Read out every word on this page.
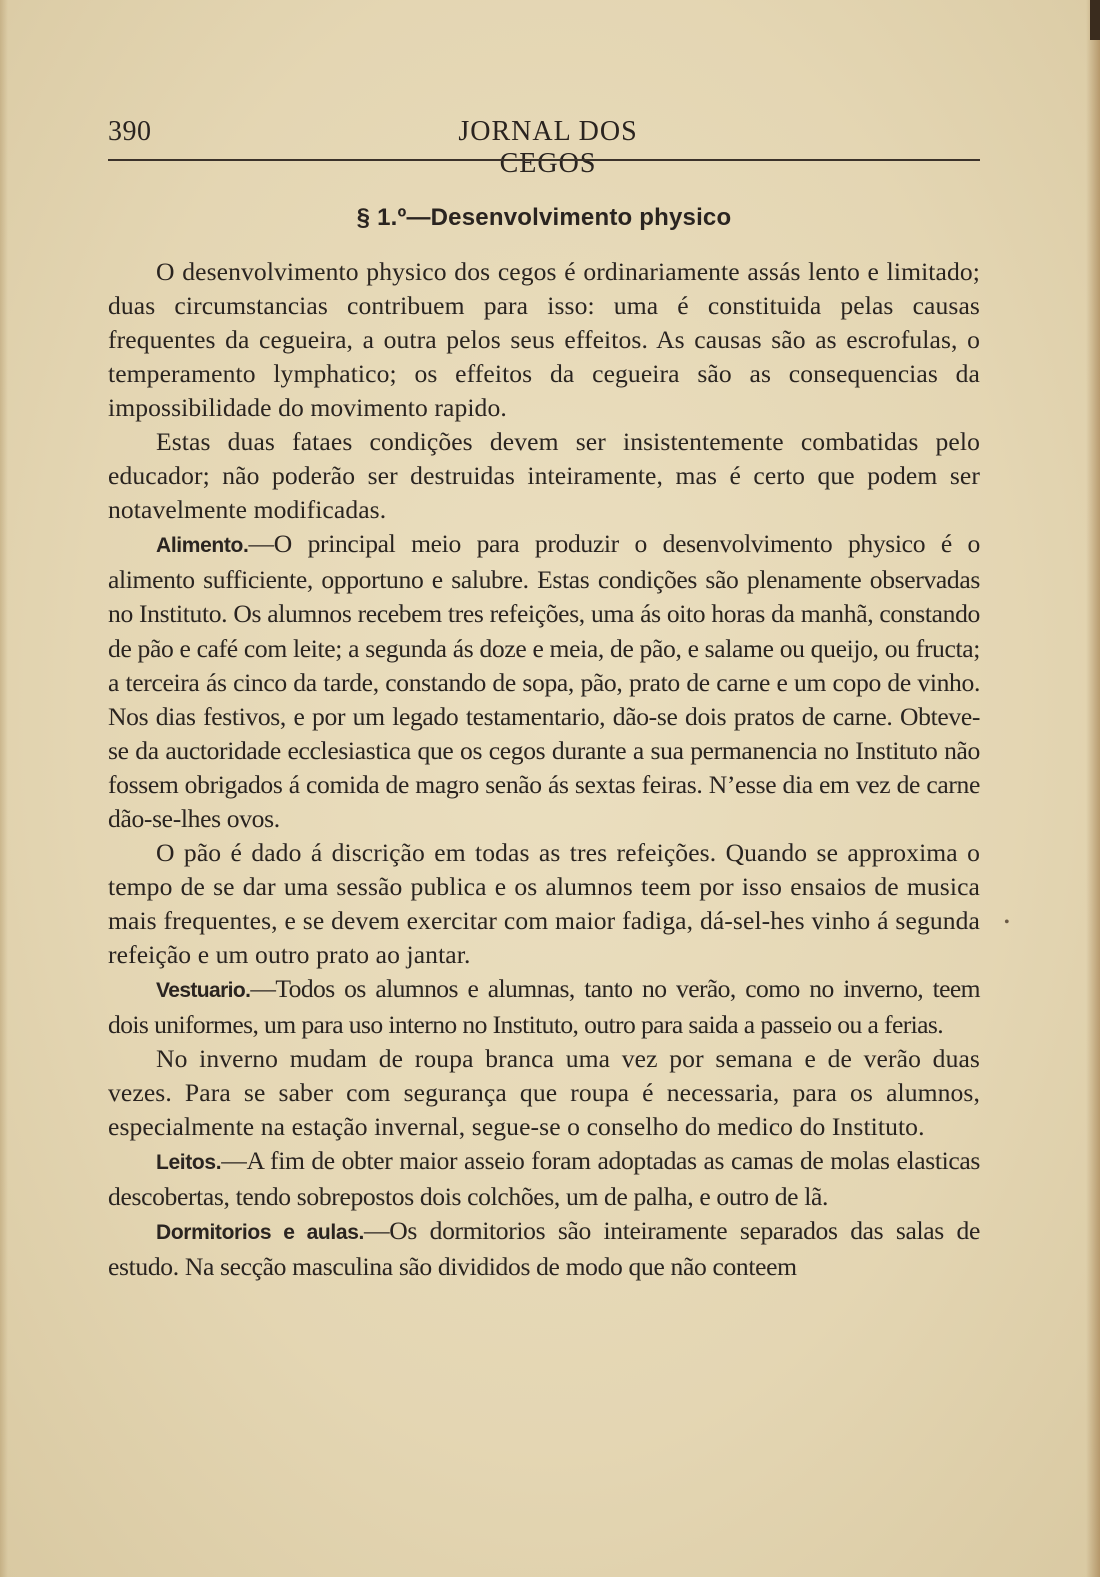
390	JORNAL DOS CEGOS
§ 1.º—Desenvolvimento physico

O desenvolvimento physico dos cegos é ordinariamente assás lento e limitado; duas circumstancias contribuem para isso: uma é constituida pelas causas frequentes da cegueira, a outra pelos seus effeitos. As causas são as escrofulas, o temperamento lymphatico; os effeitos da cegueira são as consequencias da impossibilidade do movimento rapido.

Estas duas fataes condições devem ser insistentemente combatidas pelo educador; não poderão ser destruidas inteiramente, mas é certo que podem ser notavelmente modificadas.

Alimento.—O principal meio para produzir o desenvolvimento physico é o alimento sufficiente, opportuno e salubre. Estas condições são plenamente observadas no Instituto. Os alumnos recebem tres refeições, uma ás oito horas da manhã, constando de pão e café com leite; a segunda ás doze e meia, de pão, e salame ou queijo, ou fructa; a terceira ás cinco da tarde, constando de sopa, pão, prato de carne e um copo de vinho. Nos dias festivos, e por um legado testamentario, dão-se dois pratos de carne. Obteve-se da auctoridade ecclesiastica que os cegos durante a sua permanencia no Instituto não fossem obrigados á comida de magro senão ás sextas feiras. N’esse dia em vez de carne dão-se-lhes ovos.

O pão é dado á discrição em todas as tres refeições. Quando se approxima o tempo de se dar uma sessão publica e os alumnos teem por isso ensaios de musica mais frequentes, e se devem exercitar com maior fadiga, dá-sel-hes vinho á segunda refeição e um outro prato ao jantar.

Vestuario.—Todos os alumnos e alumnas, tanto no verão, como no inverno, teem dois uniformes, um para uso interno no Instituto, outro para saida a passeio ou a ferias.

No inverno mudam de roupa branca uma vez por semana e de verão duas vezes. Para se saber com segurança que roupa é necessaria, para os alumnos, especialmente na estação invernal, segue-se o conselho do medico do Instituto.

Leitos.—A fim de obter maior asseio foram adoptadas as camas de molas elasticas descobertas, tendo sobrepostos dois colchões, um de palha, e outro de lã.

Dormitorios e aulas.—Os dormitorios são inteiramente separados das salas de estudo. Na secção masculina são divididos de modo que não conteem

•
